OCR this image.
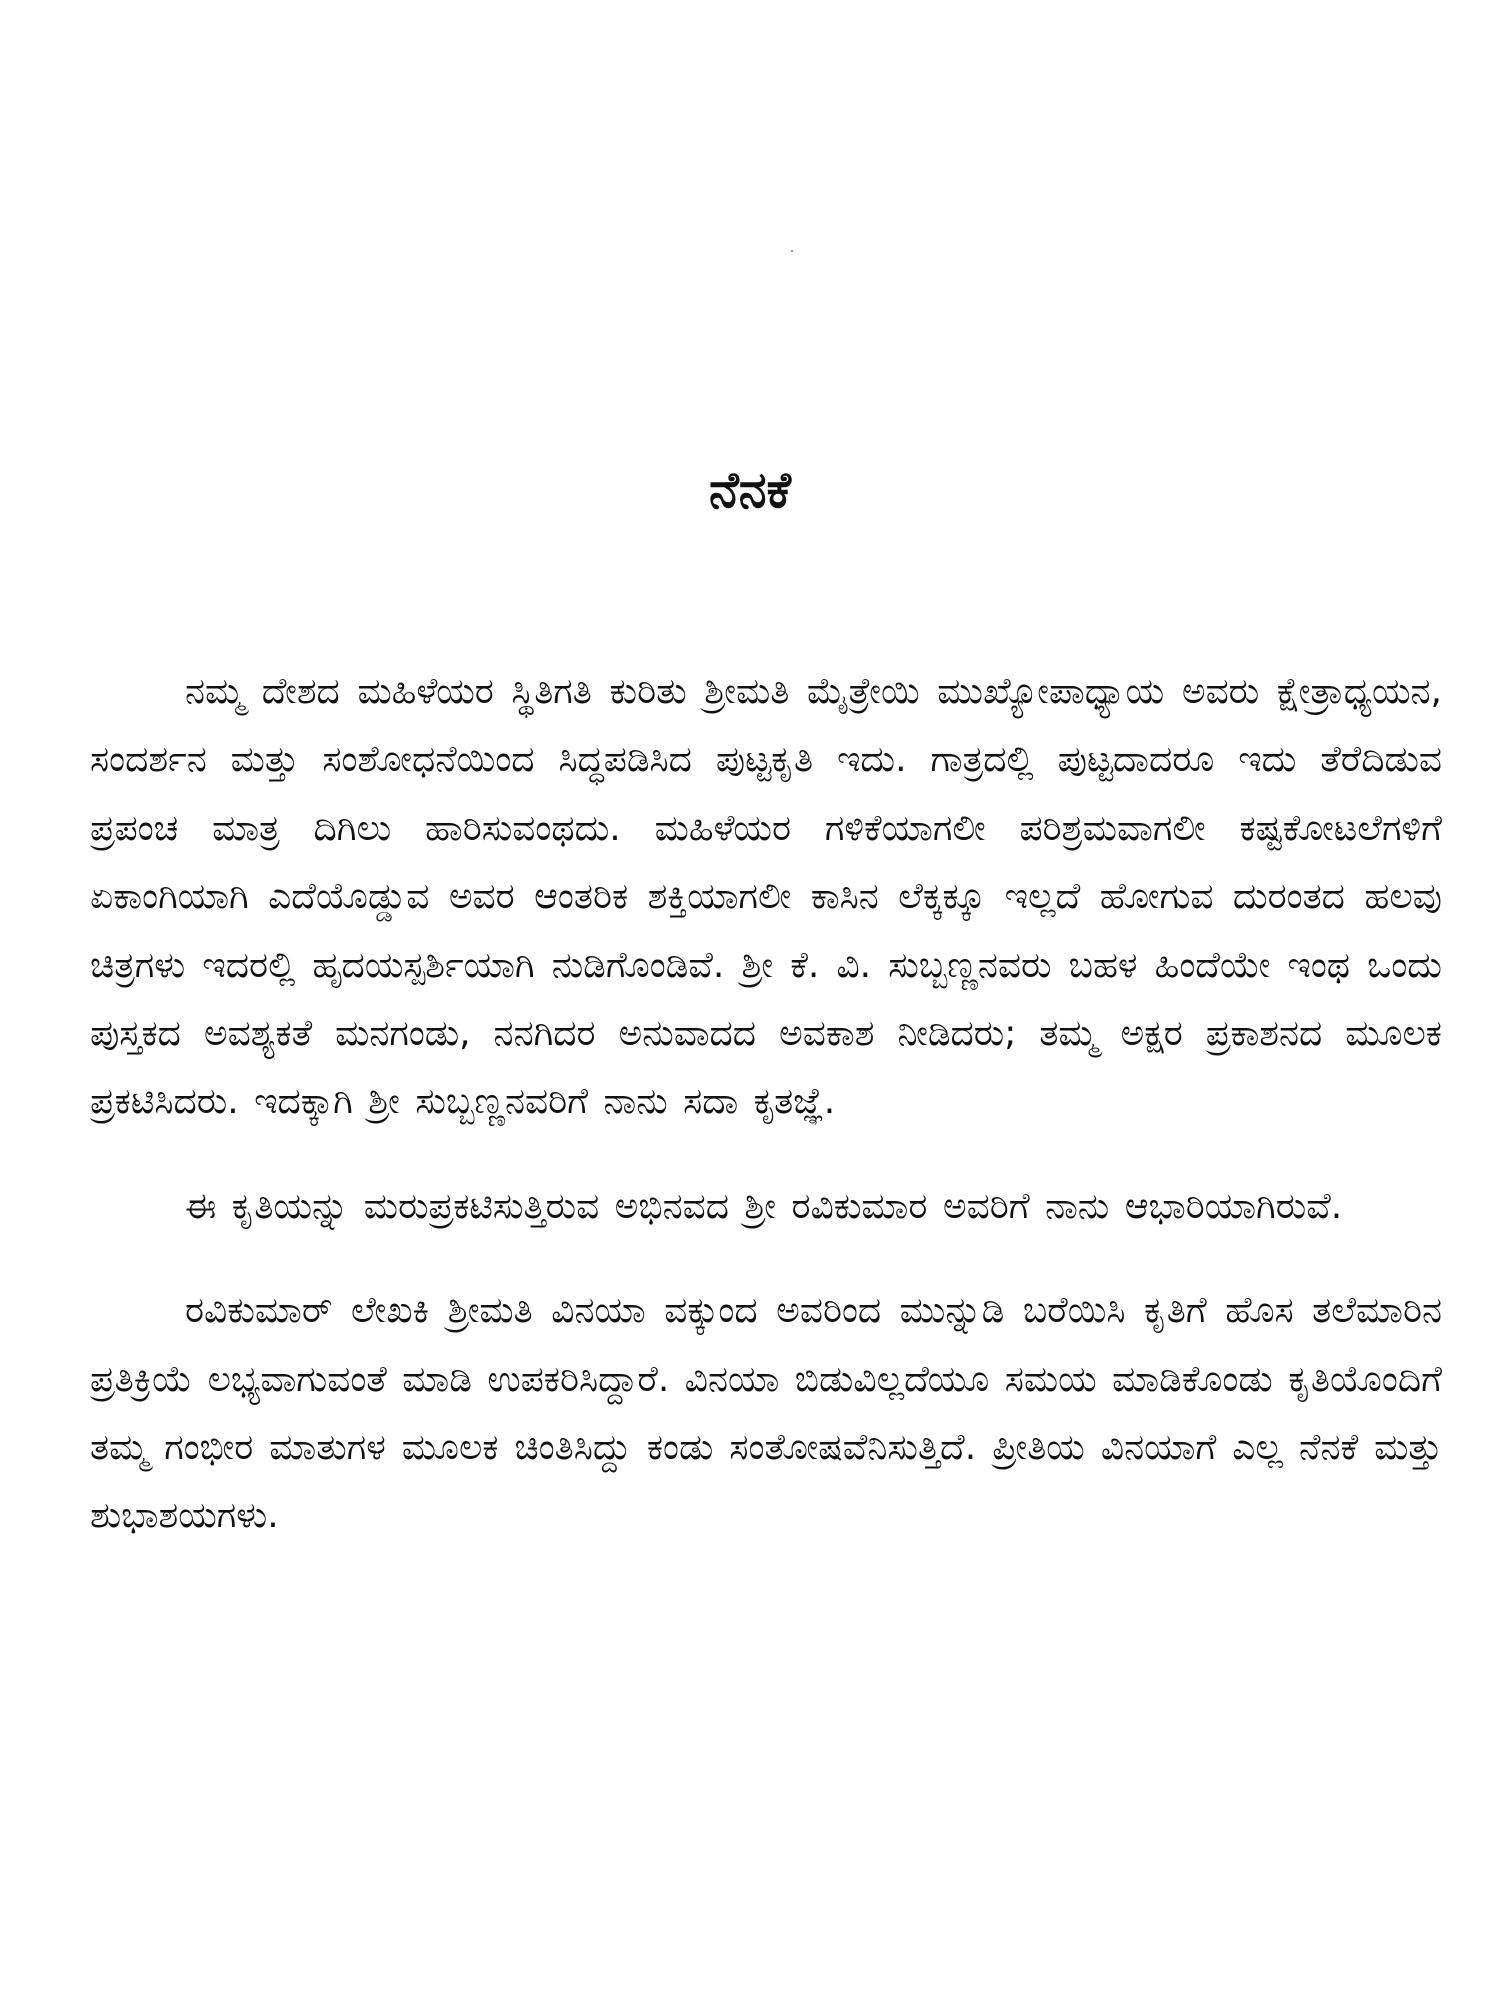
ನೆನಕೆ

ನಮ್ಮ ದೇಶದ ಮಹಿಳೆಯರ ಸ್ಥಿತಿಗತಿ ಕುರಿತು ಶ್ರೀಮತಿ ಮೈತ್ರೇಯಿ ಮುಖ್ಯೋಪಾಧ್ಯಾಯ ಅವರು ಕ್ಷೇತ್ರಾಧ್ಯಯನ, ಸಂದರ್ಶನ ಮತ್ತು ಸಂಶೋಧನೆಯಿಂದ ಸಿದ್ಧಪಡಿಸಿದ ಪುಟ್ಟಕೃತಿ ಇದು. ಗಾತ್ರದಲ್ಲಿ ಪುಟ್ಟದಾದರೂ ಇದು ತೆರೆದಿಡುವ ಪ್ರಪಂಚ ಮಾತ್ರ ದಿಗಿಲು ಹಾರಿಸುವಂಥದು. ಮಹಿಳೆಯರ ಗಳಿಕೆಯಾಗಲೀ ಪರಿಶ್ರಮವಾಗಲೀ ಕಷ್ಟಕೋಟಲೆಗಳಿಗೆ ಏಕಾಂಗಿಯಾಗಿ ಎದೆಯೊಡ್ಡುವ ಅವರ ಆಂತರಿಕ ಶಕ್ತಿಯಾಗಲೀ ಕಾಸಿನ ಲೆಕ್ಕಕ್ಕೂ ಇಲ್ಲದೆ ಹೋಗುವ ದುರಂತದ ಹಲವು ಚಿತ್ರಗಳು ಇದರಲ್ಲಿ ಹೃದಯಸ್ಪರ್ಶಿಯಾಗಿ ನುಡಿಗೊಂಡಿವೆ. ಶ್ರೀ ಕೆ. ವಿ. ಸುಬ್ಬಣ್ಣನವರು ಬಹಳ ಹಿಂದೆಯೇ ಇಂಥ ಒಂದು ಪುಸ್ತಕದ ಅವಶ್ಯಕತೆ ಮನಗಂಡು, ನನಗಿದರ ಅನುವಾದದ ಅವಕಾಶ ನೀಡಿದರು; ತಮ್ಮ ಅಕ್ಷರ ಪ್ರಕಾಶನದ ಮೂಲಕ ಪ್ರಕಟಿಸಿದರು. ಇದಕ್ಕಾಗಿ ಶ್ರೀ ಸುಬ್ಬಣ್ಣನವರಿಗೆ ನಾನು ಸದಾ ಕೃತಜ್ಞೆ.

ಈ ಕೃತಿಯನ್ನು ಮರುಪ್ರಕಟಿಸುತ್ತಿರುವ ಅಭಿನವದ ಶ್ರೀ ರವಿಕುಮಾರ ಅವರಿಗೆ ನಾನು ಆಭಾರಿಯಾಗಿರುವೆ.

ರವಿಕುಮಾರ್ ಲೇಖಕಿ ಶ್ರೀಮತಿ ವಿನಯಾ ವಕ್ಕುಂದ ಅವರಿಂದ ಮುನ್ನುಡಿ ಬರೆಯಿಸಿ ಕೃತಿಗೆ ಹೊಸ ತಲೆಮಾರಿನ ಪ್ರತಿಕ್ರಿಯೆ ಲಭ್ಯವಾಗುವಂತೆ ಮಾಡಿ ಉಪಕರಿಸಿದ್ದಾರೆ. ವಿನಯಾ ಬಿಡುವಿಲ್ಲದೆಯೂ ಸಮಯ ಮಾಡಿಕೊಂಡು ಕೃತಿಯೊಂದಿಗೆ ತಮ್ಮ ಗಂಭೀರ ಮಾತುಗಳ ಮೂಲಕ ಚಿಂತಿಸಿದ್ದು ಕಂಡು ಸಂತೋಷವೆನಿಸುತ್ತಿದೆ. ಪ್ರೀತಿಯ ವಿನಯಾಗೆ ಎಲ್ಲ ನೆನಕೆ ಮತ್ತು ಶುಭಾಶಯಗಳು.
